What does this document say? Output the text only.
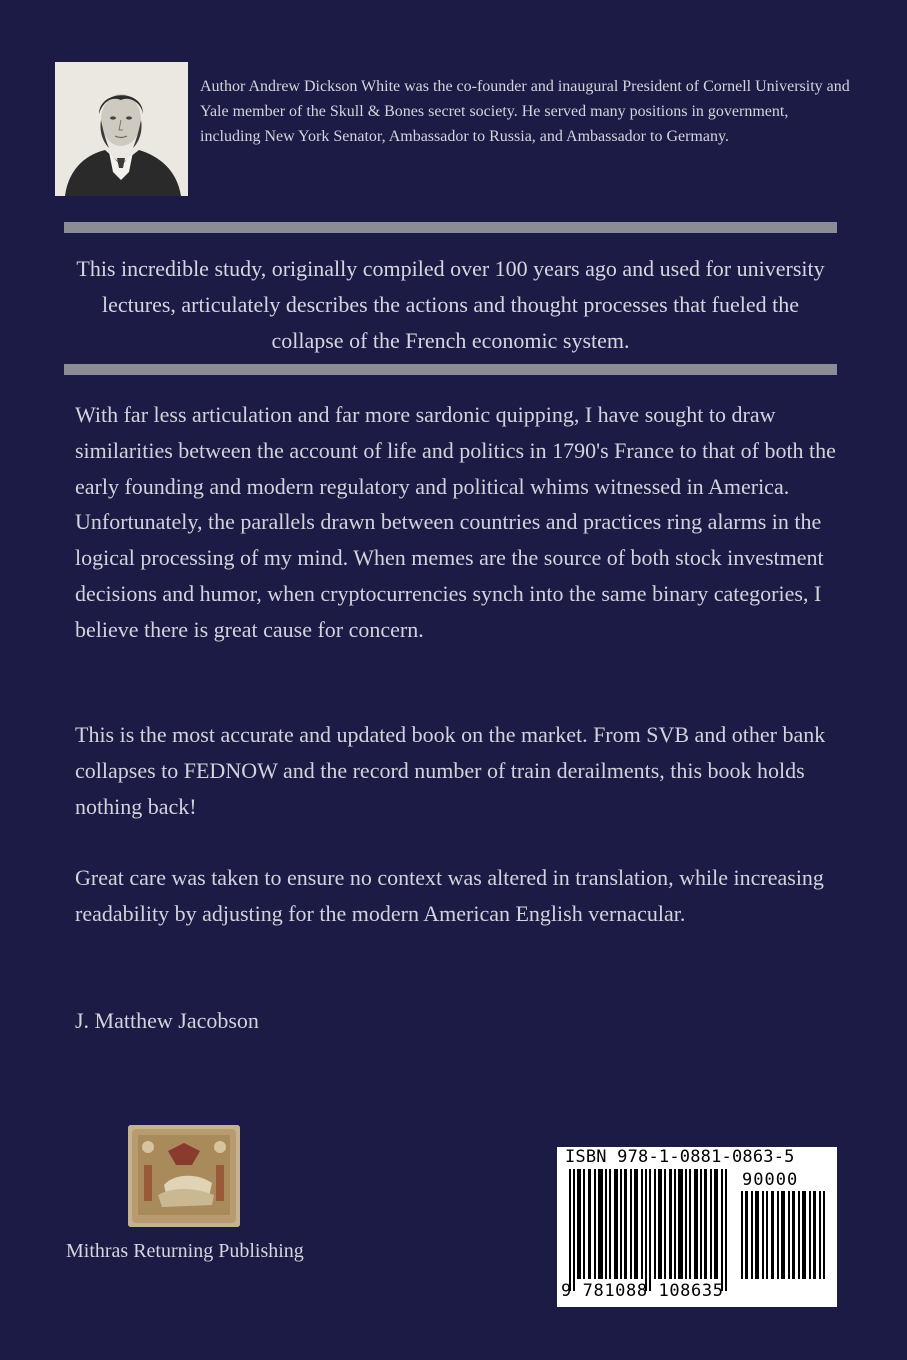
Author Andrew Dickson White was the co-founder and inaugural President of Cornell University and Yale member of the Skull & Bones secret society. He served many positions in government, including New York Senator, Ambassador to Russia, and Ambassador to Germany.

This incredible study, originally compiled over 100 years ago and used for university lectures, articulately describes the actions and thought processes that fueled the collapse of the French economic system.

With far less articulation and far more sardonic quipping, I have sought to draw similarities between the account of life and politics in 1790's France to that of both the early founding and modern regulatory and political whims witnessed in America. Unfortunately, the parallels drawn between countries and practices ring alarms in the logical processing of my mind. When memes are the source of both stock investment decisions and humor, when cryptocurrencies synch into the same binary categories, I believe there is great cause for concern.

This is the most accurate and updated book on the market. From SVB and other bank collapses to FEDNOW and the record number of train derailments, this book holds nothing back!

Great care was taken to ensure no context was altered in translation, while increasing readability by adjusting for the modern American English vernacular.

J. Matthew Jacobson

Mithras Returning Publishing

ISBN 978-1-0881-0863-5
90000
9 781088 108635
